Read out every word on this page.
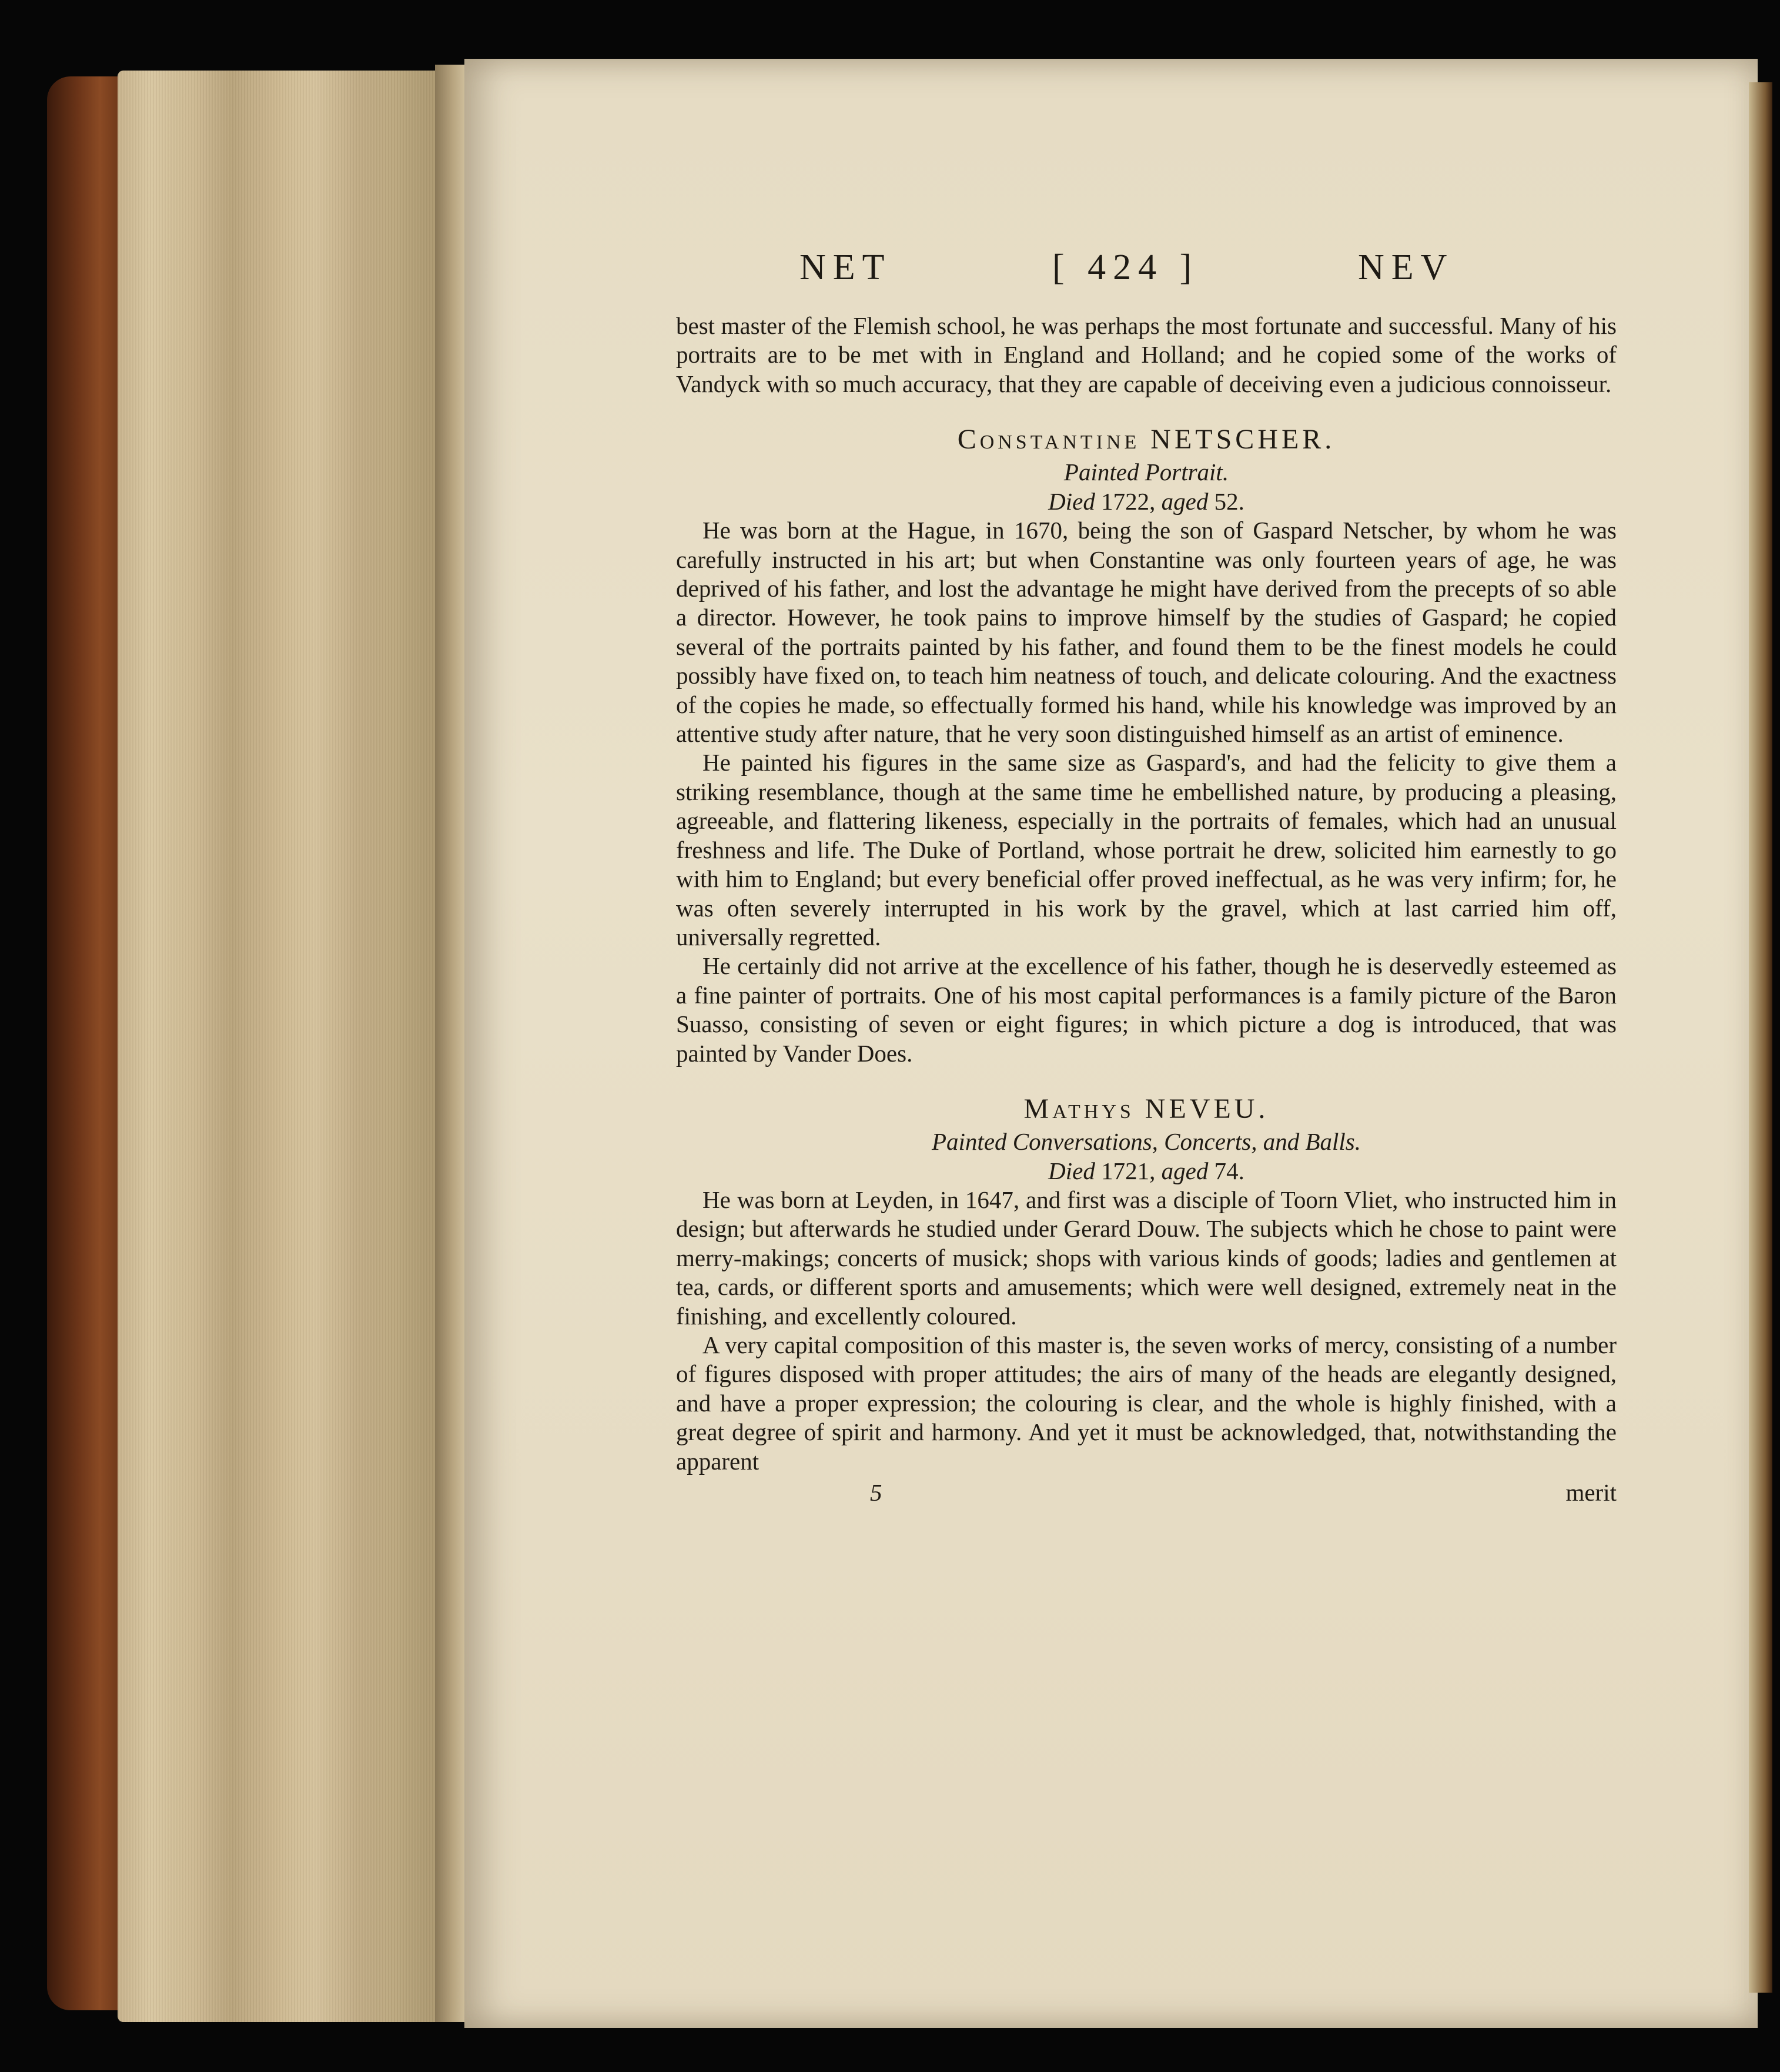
NET	[ 424 ]	NEV

best master of the Flemish school, he was perhaps the most fortunate and successful. Many of his portraits are to be met with in England and Holland; and he copied some of the works of Vandyck with so much accuracy, that they are capable of deceiving even a judicious connoisseur.

Constantine NETSCHER.
Painted Portrait.
Died 1722, aged 52.

He was born at the Hague, in 1670, being the son of Gaspard Netscher, by whom he was carefully instructed in his art; but when Constantine was only fourteen years of age, he was deprived of his father, and lost the advantage he might have derived from the precepts of so able a director. However, he took pains to improve himself by the studies of Gaspard; he copied several of the portraits painted by his father, and found them to be the finest models he could possibly have fixed on, to teach him neatness of touch, and delicate colouring. And the exactness of the copies he made, so effectually formed his hand, while his knowledge was improved by an attentive study after nature, that he very soon distinguished himself as an artist of eminence.

He painted his figures in the same size as Gaspard's, and had the felicity to give them a striking resemblance, though at the same time he embellished nature, by producing a pleasing, agreeable, and flattering likeness, especially in the portraits of females, which had an unusual freshness and life. The Duke of Portland, whose portrait he drew, solicited him earnestly to go with him to England; but every beneficial offer proved ineffectual, as he was very infirm; for, he was often severely interrupted in his work by the gravel, which at last carried him off, universally regretted.

He certainly did not arrive at the excellence of his father, though he is deservedly esteemed as a fine painter of portraits. One of his most capital performances is a family picture of the Baron Suasso, consisting of seven or eight figures; in which picture a dog is introduced, that was painted by Vander Does.

Mathys NEVEU.
Painted Conversations, Concerts, and Balls.
Died 1721, aged 74.

He was born at Leyden, in 1647, and first was a disciple of Toorn Vliet, who instructed him in design; but afterwards he studied under Gerard Douw. The subjects which he chose to paint were merry-makings; concerts of musick; shops with various kinds of goods; ladies and gentlemen at tea, cards, or different sports and amusements; which were well designed, extremely neat in the finishing, and excellently coloured.

A very capital composition of this master is, the seven works of mercy, consisting of a number of figures disposed with proper attitudes; the airs of many of the heads are elegantly designed, and have a proper expression; the colouring is clear, and the whole is highly finished, with a great degree of spirit and harmony. And yet it must be acknowledged, that, notwithstanding the apparent

5	merit
